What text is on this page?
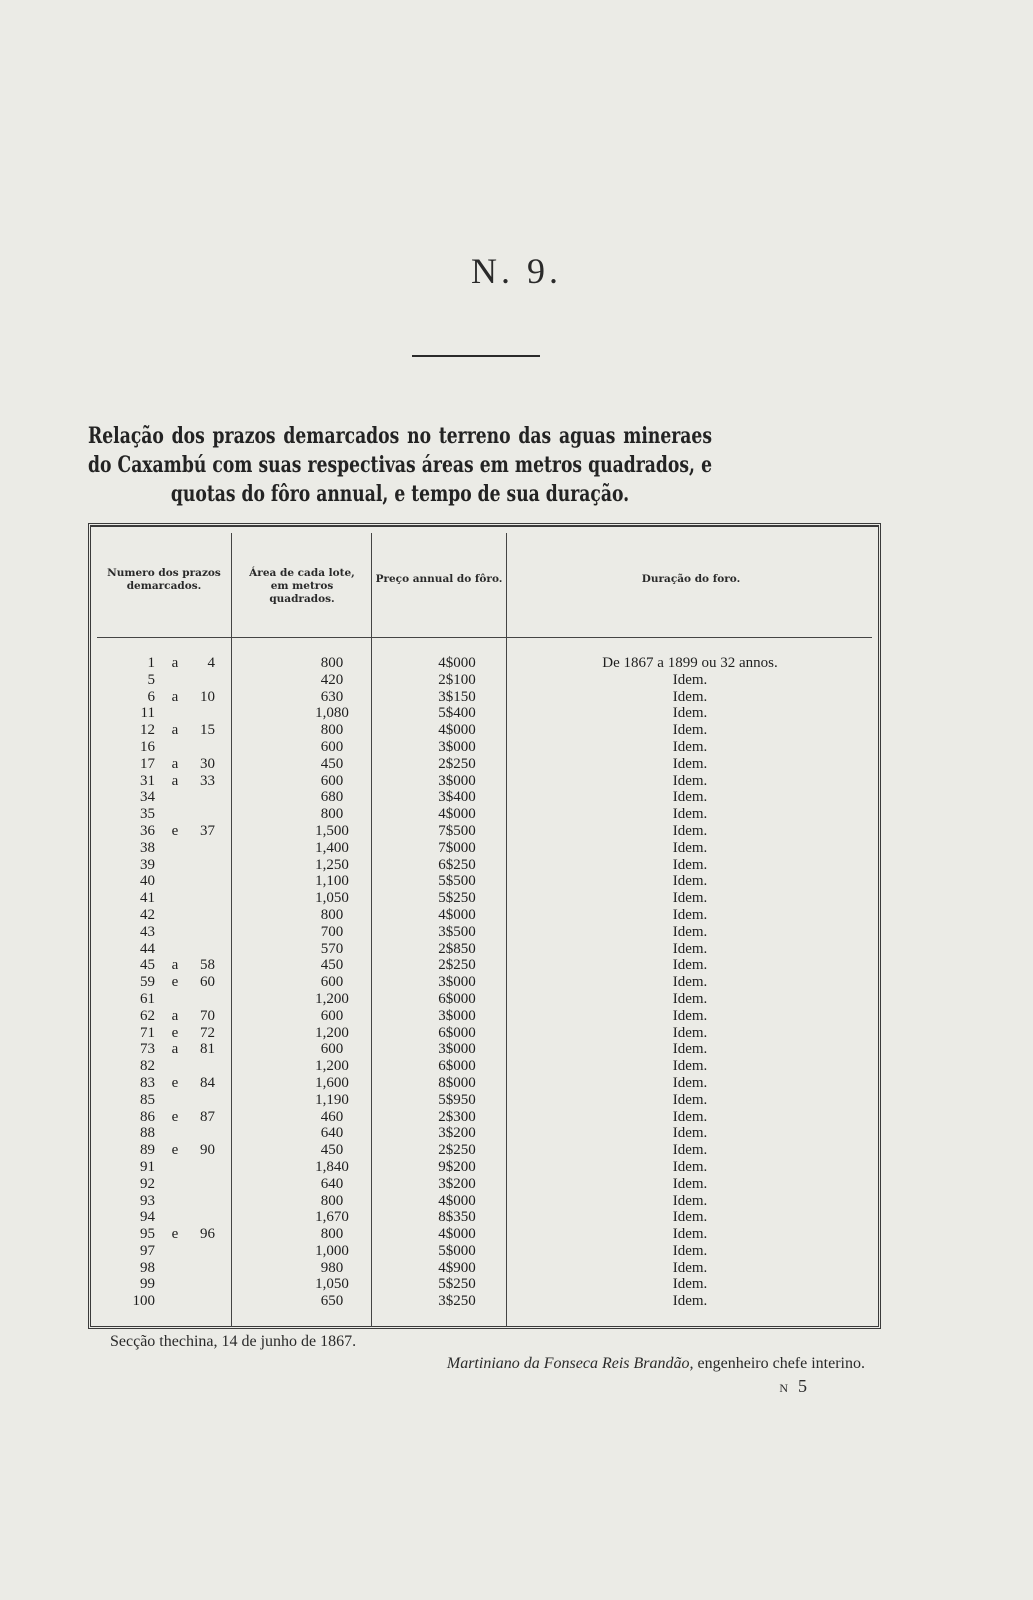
N. 9.
Relação dos prazos demarcados no terreno das aguas mineraes do Caxambú com suas respectivas áreas em metros quadrados, e quotas do fôro annual, e tempo de sua duração.
Numero dos prazos demarcados.
Área de cada lote, em metros quadrados.
Preço annual do fôro.	Duração do foro.
1	a	4	800	4$000	De 1867 a 1899 ou 32 annos.
5	420	2$100	Idem.
6	a	10	630	3$150	Idem.
11	1,080	5$400	Idem.
12	a	15	800	4$000	Idem.
16	600	3$000	Idem.
17	a	30	450	2$250	Idem.
31	a	33	600	3$000	Idem.
34	680	3$400	Idem.
35	800	4$000	Idem.
36	e	37	1,500	7$500	Idem.
38	1,400	7$000	Idem.
39	1,250	6$250	Idem.
40	1,100	5$500	Idem.
41	1,050	5$250	Idem.
42	800	4$000	Idem.
43	700	3$500	Idem.
44	570	2$850	Idem.
45	a	58	450	2$250	Idem.
59	e	60	600	3$000	Idem.
61	1,200	6$000	Idem.
62	a	70	600	3$000	Idem.
71	e	72	1,200	6$000	Idem.
73	a	81	600	3$000	Idem.
82	1,200	6$000	Idem.
83	e	84	1,600	8$000	Idem.
85	1,190	5$950	Idem.
86	e	87	460	2$300	Idem.
88	640	3$200	Idem.
89	e	90	450	2$250	Idem.
91	1,840	9$200	Idem.
92	640	3$200	Idem.
93	800	4$000	Idem.
94	1,670	8$350	Idem.
95	e	96	800	4$000	Idem.
97	1,000	5$000	Idem.
98	980	4$900	Idem.
99	1,050	5$250	Idem.
100	650	3$250	Idem.
Secção thechina, 14 de junho de 1867.
Martiniano da Fonseca Reis Brandão, engenheiro chefe interino.
N 5
